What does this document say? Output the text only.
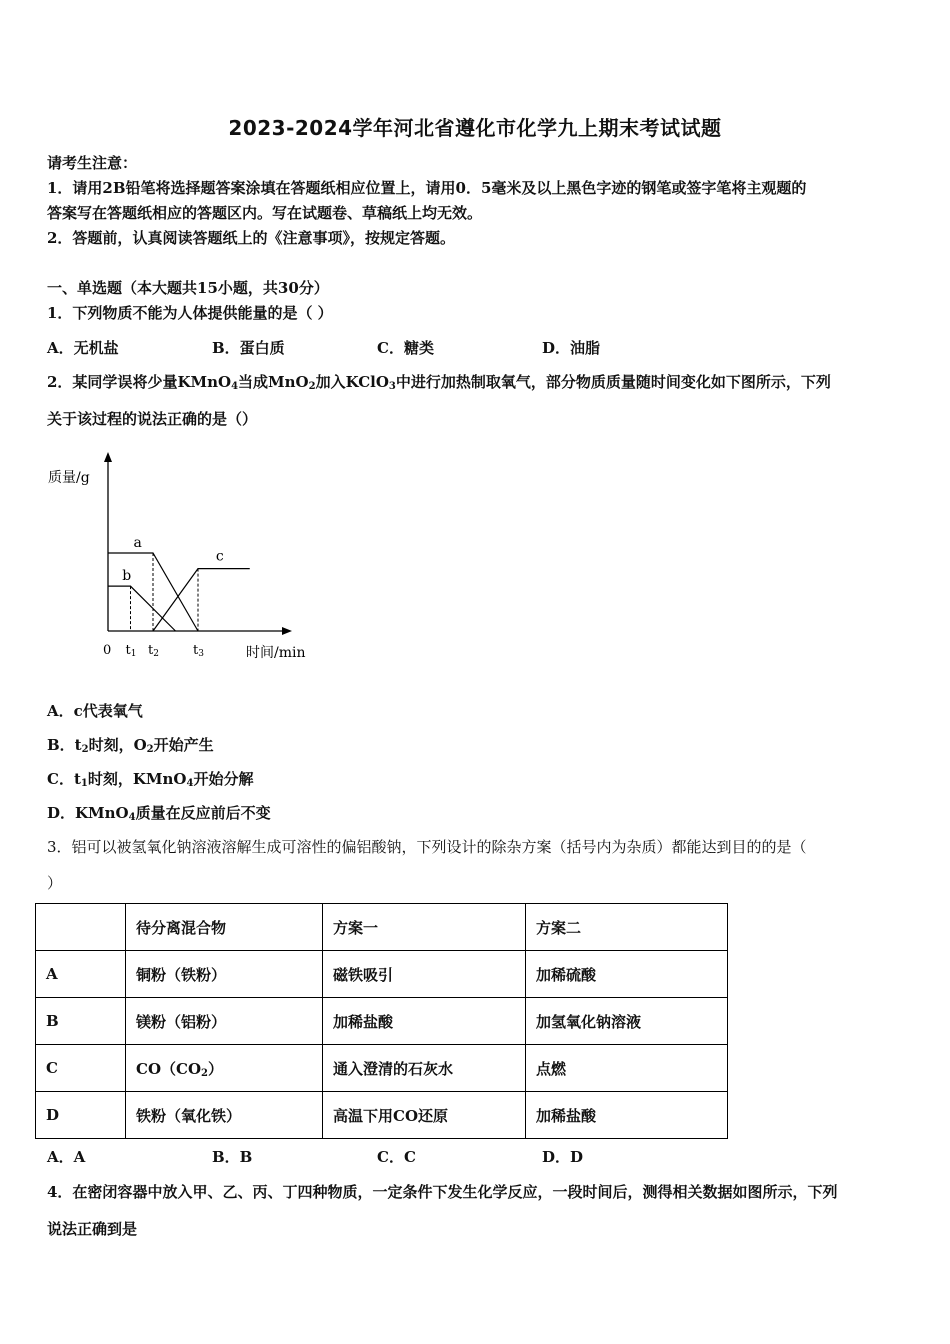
2023-2024学年河北省遵化市化学九上期末考试试题
请考生注意：
1．请用2B铅笔将选择题答案涂填在答题纸相应位置上，请用0．5毫米及以上黑色字迹的钢笔或签字笔将主观题的
答案写在答题纸相应的答题区内。写在试题卷、草稿纸上均无效。
2．答题前，认真阅读答题纸上的《注意事项》，按规定答题。
一、单选题（本大题共15小题，共30分）
1．下列物质不能为人体提供能量的是（ ）
A．无机盐	B．蛋白质	C．糖类	D．油脂
2．某同学误将少量KMnO$_4$当成MnO$_2$加入KClO$_3$中进行加热制取氧气，部分物质质量随时间变化如下图所示，下列
关于该过程的说法正确的是（）
质量/g
a
b
c
0 t1 t2	t3	时间/min
A．c代表氧气
B．$t_2$时刻，$O_2$开始产生
C．$t_1$时刻，KMnO$_4$开始分解
D．KMnO$_4$质量在反应前后不变
3．铝可以被氢氧化钠溶液溶解生成可溶性的偏铝酸钠，下列设计的除杂方案（括号内为杂质）都能达到目的的是（
）
	待分离混合物	方案一	方案二
A	铜粉（铁粉）	磁铁吸引	加稀硫酸
B	镁粉（铝粉）	加稀盐酸	加氢氧化钠溶液
C	$CO(CO_2)$	通入澄清的石灰水	点燃
D	铁粉（氧化铁）	高温下用CO还原	加稀盐酸
A．A	B．B	C．C	D．D
4．在密闭容器中放入甲、乙、丙、丁四种物质，一定条件下发生化学反应，一段时间后，测得相关数据如图所示，下列
说法正确到是
